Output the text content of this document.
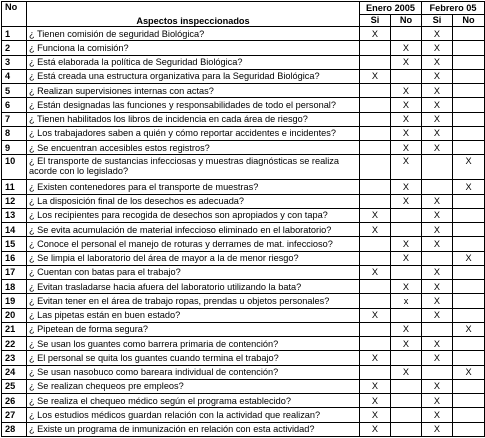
No	Aspectos inspeccionados	Enero 2005		Febrero 05	
		Si	No	Si	No
1	¿ Tienen comisión de seguridad Biológica?	X		X	
2	¿ Funciona la comisión?		X	X	
3	¿ Está elaborada la política de Seguridad Biológica?		X	X	
4	¿ Está creada una estructura organizativa para la Seguridad Biológica?	X		X	
5	¿ Realizan supervisiones internas con actas?		X	X	
6	¿ Están designadas las funciones y responsabilidades de todo el personal?		X	X	
7	¿ Tienen habilitados los libros de incidencia en cada área de riesgo?		X	X	
8	¿ Los trabajadores saben a quién y cómo reportar accidentes e incidentes?		X	X	
9	¿ Se encuentran accesibles estos registros?		X	X	
10	¿ El transporte de sustancias infecciosas y muestras diagnósticas se realiza acorde con lo legislado?		X		X
11	¿ Existen contenedores para el transporte de muestras?		X		X
12	¿ La disposición final de los desechos es adecuada?		X	X	
13	¿ Los recipientes para recogida de desechos son apropiados y con tapa?	X		X	
14	¿ Se evita acumulación de material infeccioso eliminado en el laboratorio?	X		X	
15	¿ Conoce el personal el manejo de roturas y derrames de mat. infeccioso?		X	X	
16	¿ Se limpia el laboratorio del área de mayor a la de menor riesgo?		X		X
17	¿ Cuentan con batas para el trabajo?	X		X	
18	¿ Evitan trasladarse hacia afuera del laboratorio utilizando la bata?		X	X	
19	¿ Evitan tener en el área de trabajo ropas, prendas u objetos personales?		x	X	
20	¿ Las pipetas están en buen estado?	X		X	
21	¿ Pipetean de forma segura?		X		X
22	¿ Se usan los guantes como barrera primaria de contención?		X	X	
23	¿ El personal se quita los guantes cuando termina el trabajo?	X		X	
24	¿ Se usan nasobuco como bareara individual de contención?		X		X
25	¿ Se realizan chequeos pre empleos?	X		X	
26	¿ Se realiza el chequeo médico según el programa establecido?	X		X	
27	¿ Los estudios médicos guardan relación con la actividad que realizan?	X		X	
28	¿ Existe un programa de inmunización en relación con esta actividad?	X		X	
